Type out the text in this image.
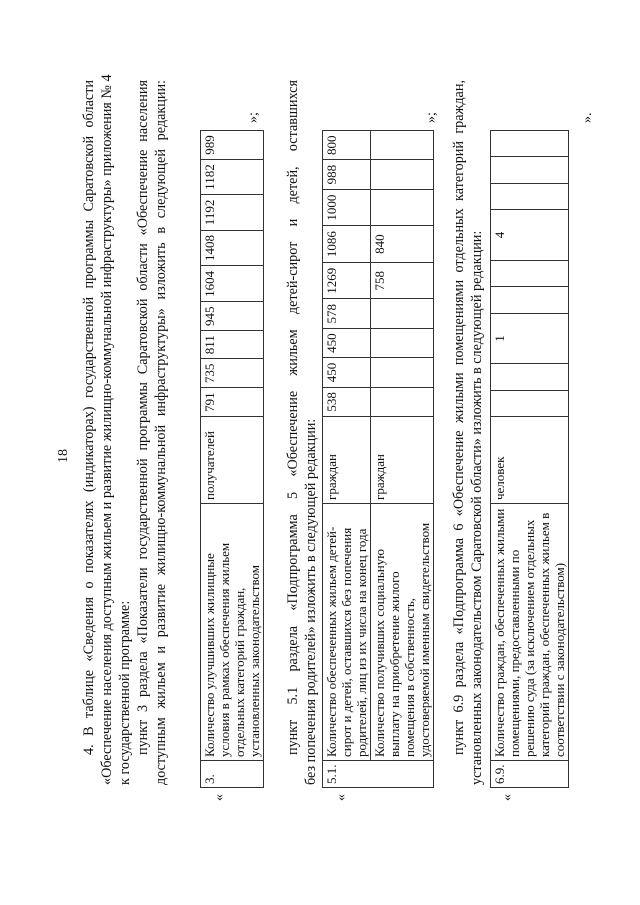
18 4. В таблице «Сведения о показателях (индикаторах) государственной программы Саратовской области «Обеспечение населения доступным жильем и развитие жилищно-коммунальной инфраструктуры» приложения № 4 к государственной программе: пункт 3 раздела «Показатели государственной программы Саратовской области «Обеспечение населения доступным жильем и развитие жилищно-коммунальной инфраструктуры» изложить в следующей редакции:
«
3.	Количество улучшивших жилищные условия в рамках обеспечения жильем отдельных категорий граждан, установленных законодательством	получателей	791	735	811	945	1604	1408	1192	1182	989
»; пункт 5.1 раздела «Подпрограмма 5 «Обеспечение жильем детей-сирот и детей, оставшихся без попечения родителей» изложить в следующей редакции:
«
5.1.	Количество обеспеченных жильем детей-сирот и детей, оставшихся без попечения родителей, лиц из их числа на конец года	граждан	538	450	450	578	1269	1086	1000	988	800
	Количество получивших социальную выплату на приобретение жилого помещения в собственность, удостоверяемой именным свидетельством	граждан					758	840			
»; пункт 6.9 раздела «Подпрограмма 6 «Обеспечение жилыми помещениями отдельных категорий граждан, установленных законодательством Саратовской области» изложить в следующей редакции:
«
6.9.	Количество граждан, обеспеченных жилыми помещениями, предоставленными по решению суда (за исключением отдельных категорий граждан, обеспеченных жильем в соответствии с законодательством)	человек			1			4			
».
